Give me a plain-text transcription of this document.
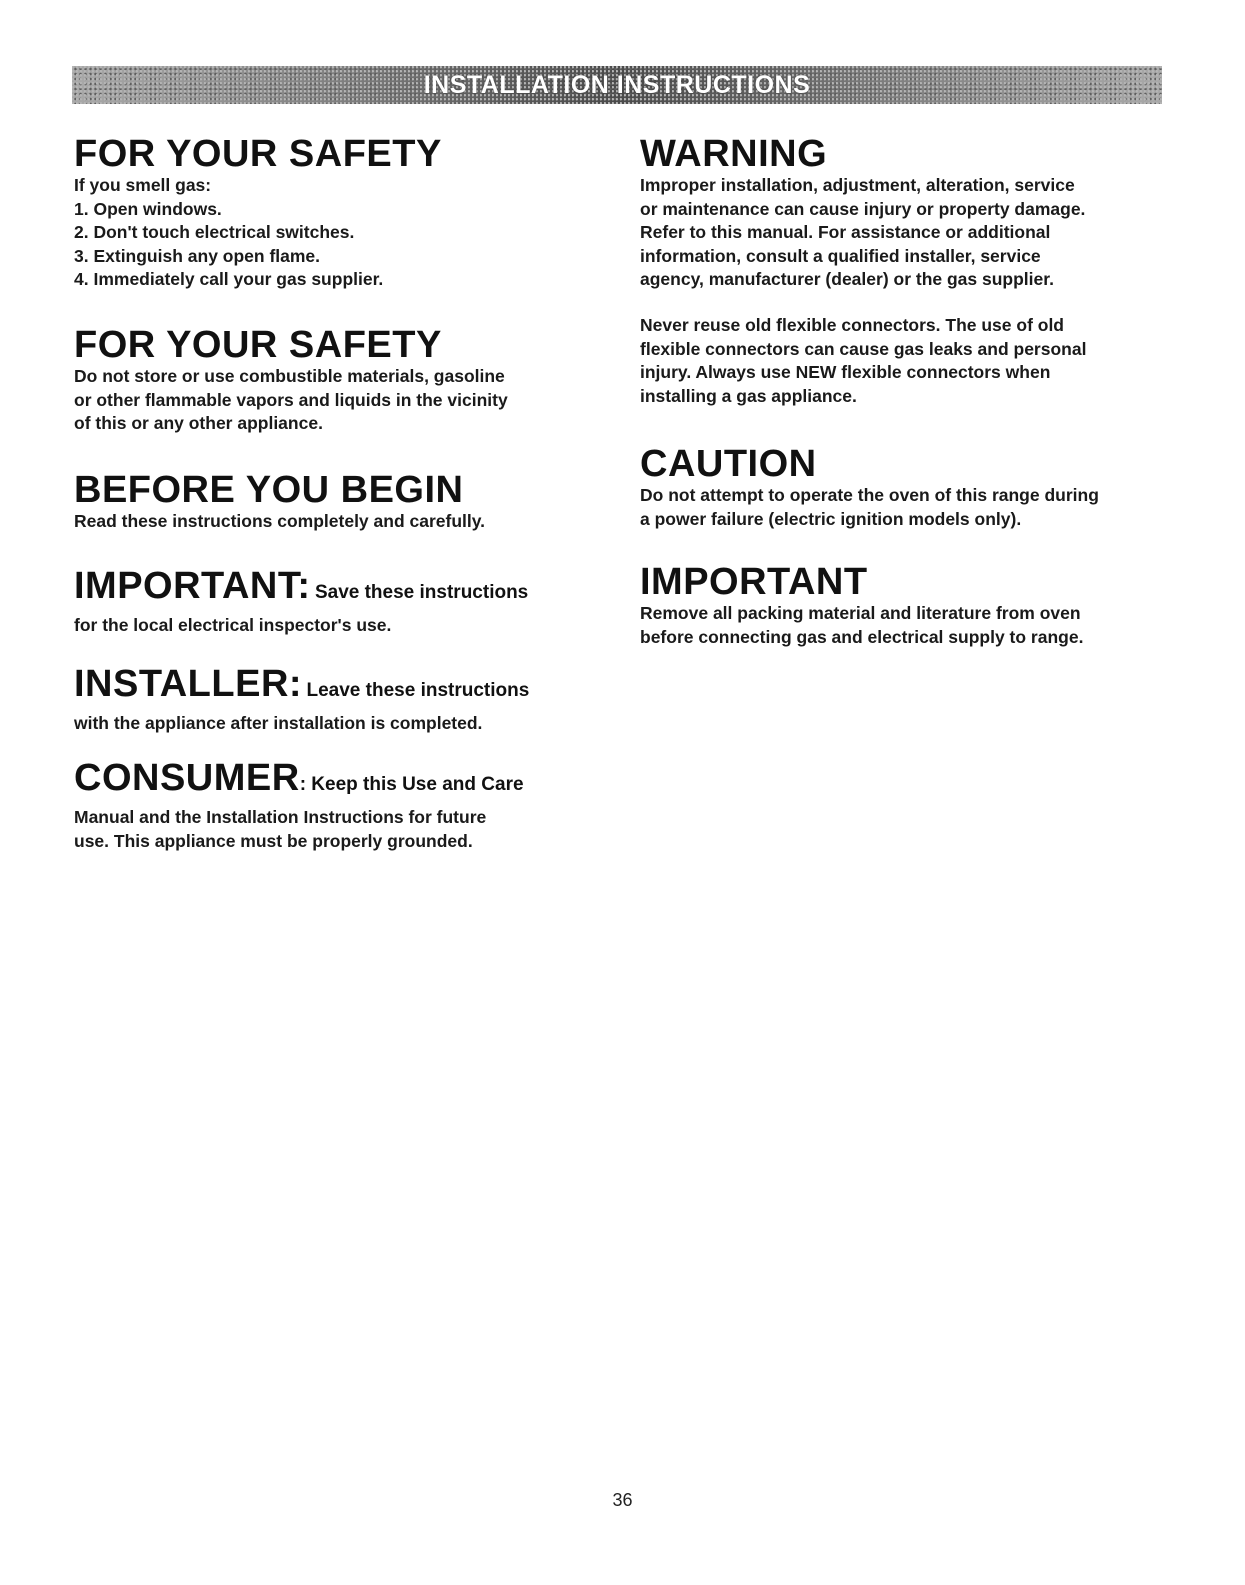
INSTALLATION INSTRUCTIONS
FOR YOUR SAFETY

If you smell gas:

1. Open windows.
2. Don't touch electrical switches.
3. Extinguish any open flame.
4. Immediately call your gas supplier.
FOR YOUR SAFETY

Do not store or use combustible materials, gasoline

or other flammable vapors and liquids in the vicinity

of this or any other appliance.

BEFORE YOU BEGIN

Read these instructions completely and carefully.

IMPORTANT: Save these instructions

for the local electrical inspector's use.

INSTALLER: Leave these instructions

with the appliance after installation is completed.

CONSUMER: Keep this Use and Care

Manual and the Installation Instructions for future

use. This appliance must be properly grounded.

WARNING

Improper installation, adjustment, alteration, service

or maintenance can cause injury or property damage.

Refer to this manual. For assistance or additional

information, consult a qualified installer, service

agency, manufacturer (dealer) or the gas supplier.

Never reuse old flexible connectors. The use of old

flexible connectors can cause gas leaks and personal

injury. Always use NEW flexible connectors when

installing a gas appliance.

CAUTION

Do not attempt to operate the oven of this range during

a power failure (electric ignition models only).

IMPORTANT

Remove all packing material and literature from oven

before connecting gas and electrical supply to range.

36
